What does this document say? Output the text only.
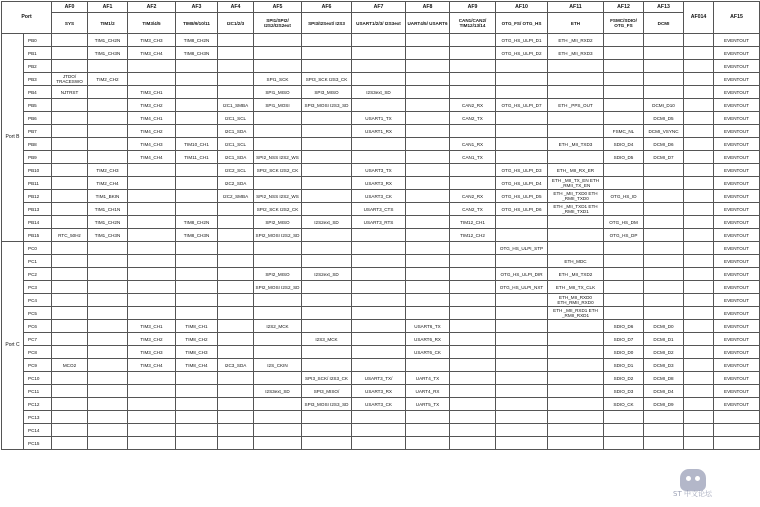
Port		AF0	AF1	AF2	AF3	AF4	AF5	AF6	AF7	AF8	AF9	AF10	AF11	AF12	AF13	AF014	AF15
		SYS	TIM1/2	TIM3/4/5	TIM8/9/10/11	I2C1/2/3	SPI1/SPI2/ I2S2/I2S2ext	SPI3/I2Sext/ I2S3	USART1/2/3/ I2S3ext	UART4/5/ USART6	CAN1/CAN2/ TIM12/13/14	OTG_FS/ OTG_HS	ETH	FSMC/SDIO/ OTG_FS	DCMI		
Port B	PB0		TIM1_CH2N	TIM3_CH3	TIM8_CH2N							OTG_HS_ULPI_D1	ETH _MII_RXD2				EVENTOUT
	PB1		TIM1_CH3N	TIM3_CH4	TIM8_CH3N							OTG_HS_ULPI_D2	ETH _MII_RXD3				EVENTOUT
	PB2																EVENTOUT
	PB3	JTDO/ TRACESWO	TIM2_CH2				SPI1_SCK	SPI3_SCK I2S3_CK									EVENTOUT
	PB4	NJTRST		TIM3_CH1			SPI1_MISO	SPI3_MISO	I2S3ext_SD								EVENTOUT
	PB5			TIM3_CH2		I2C1_SMBA	SPI1_MOSI	SPI3_MOSI I2S3_SD			CAN2_RX	OTG_HS_ULPI_D7	ETH _PPS_OUT		DCMI_D10		EVENTOUT
	PB6			TIM4_CH1		I2C1_SCL			USART1_TX		CAN2_TX				DCMI_D5		EVENTOUT
	PB7			TIM4_CH2		I2C1_SDA			USART1_RX					FSMC_NL	DCMI_VSYNC		EVENTOUT
	PB8			TIM4_CH3	TIM10_CH1	I2C1_SCL					CAN1_RX		ETH _MII_TXD3	SDIO_D4	DCMI_D6		EVENTOUT
	PB9			TIM4_CH4	TIM11_CH1	I2C1_SDA	SPI2_NSS I2S2_WS				CAN1_TX			SDIO_D5	DCMI_D7		EVENTOUT
	PB10		TIM2_CH3			I2C2_SCL	SPI2_SCK I2S2_CK		USART3_TX			OTG_HS_ULPI_D3	ETH_ MII_RX_ER				EVENTOUT
	PB11		TIM2_CH4			I2C2_SDA			USART3_RX			OTG_HS_ULPI_D4	ETH _MII_TX_EN ETH _RMII_TX_EN				EVENTOUT
	PB12		TIM1_BKIN			I2C2_SMBA	SPI2_NSS I2S2_WS		USART3_CK		CAN2_RX	OTG_HS_ULPI_D5	ETH _MII_TXD0 ETH _RMII_TXD0	OTG_HS_ID			EVENTOUT
	PB13		TIM1_CH1N				SPI2_SCK I2S2_CK		USART3_CTS		CAN2_TX	OTG_HS_ULPI_D6	ETH _MII_TXD1 ETH _RMII_TXD1				EVENTOUT
	PB14		TIM1_CH2N		TIM8_CH2N		SPI2_MISO	I2S2ext_SD	USART3_RTS		TIM12_CH1			OTG_HS_DM			EVENTOUT
	PB15	RTC_50Hz	TIM1_CH3N		TIM8_CH3N		SPI2_MOSI I2S2_SD				TIM12_CH2			OTG_HS_DP			EVENTOUT
Port C	PC0											OTG_HS_ULPI_STP					EVENTOUT
	PC1												ETH_MDC				EVENTOUT
	PC2						SPI2_MISO	I2S2ext_SD				OTG_HS_ULPI_DIR	ETH _MII_TXD2				EVENTOUT
	PC3						SPI2_MOSI I2S2_SD					OTG_HS_ULPI_NXT	ETH _MII_TX_CLK				EVENTOUT
	PC4												ETH_MII_RXD0 ETH_RMII_RXD0				EVENTOUT
	PC5												ETH _MII_RXD1 ETH _RMII_RXD1				EVENTOUT
	PC6			TIM3_CH1	TIM8_CH1		I2S2_MCK			USART6_TX				SDIO_D6	DCMI_D0		EVENTOUT
	PC7			TIM3_CH2	TIM8_CH2			I2S3_MCK		USART6_RX				SDIO_D7	DCMI_D1		EVENTOUT
	PC8			TIM3_CH3	TIM8_CH3					USART6_CK				SDIO_D0	DCMI_D2		EVENTOUT
	PC9	MCO2		TIM3_CH4	TIM8_CH4	I2C3_SDA	I2S_CKIN							SDIO_D1	DCMI_D3		EVENTOUT
	PC10							SPI3_SCK/ I2S3_CK	USART3_TX/	UART4_TX				SDIO_D2	DCMI_D8		EVENTOUT
	PC11						I2S3ext_SD	SPI3_MISO/	USART3_RX	UART4_RX				SDIO_D3	DCMI_D4		EVENTOUT
	PC12							SPI3_MOSI I2S3_SD	USART3_CK	UART5_TX				SDIO_CK	DCMI_D9		EVENTOUT
	PC13																
	PC14																
	PC15																
ST 中文论坛
